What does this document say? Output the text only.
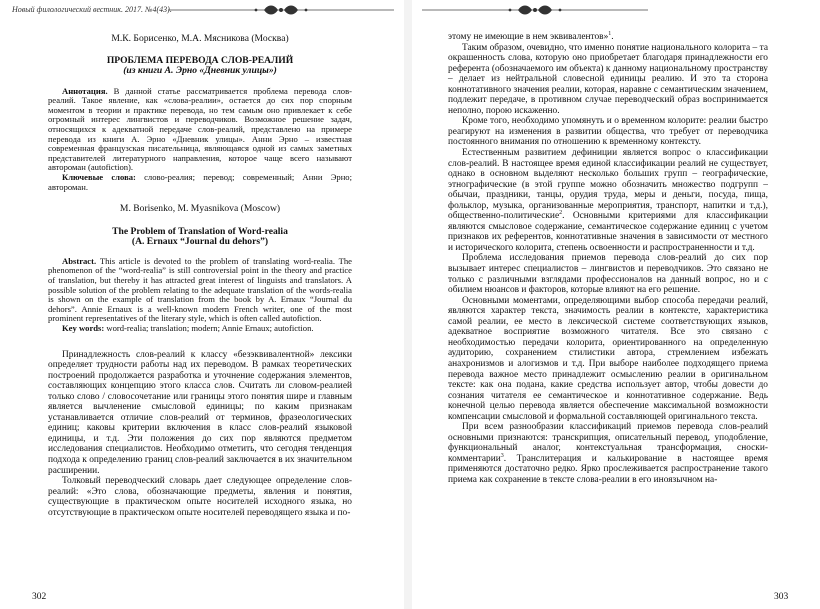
Новый филологический вестник. 2017. №4(43).

М.К. Борисенко, М.А. Мясникова (Москва)

ПРОБЛЕМА ПЕРЕВОДА СЛОВ-РЕАЛИЙ

(из книги А. Эрно «Дневник улицы»)

Аннотация. В данной статье рассматривается проблема перевода слов-реалий. Такое явление, как «слова-реалии», остается до сих пор спорным моментом в теории и практике перевода, но тем самым оно привлекает к себе огромный интерес лингвистов и переводчиков. Возможное решение задач, относящихся к адекватной передаче слов-реалий, представлено на примере перевода из книги А. Эрно «Дневник улицы». Анни Эрно – известная современная французская писательница, являющаяся одной из самых заметных представителей литературного направления, которое чаще всего называют автороман (autofiction).

Ключевые слова: слово-реалия; перевод; современный; Анни Эрно; автороман.

M. Borisenko, M. Myasnikova (Moscow)

The Problem of Translation of Word-realia

(A. Ernaux “Journal du dehors”)

Abstract. This article is devoted to the problem of translating word-realia. The phenomenon of the “word-realia” is still controversial point in the theory and practice of translation, but thereby it has attracted great interest of linguists and translators. A possible solution of the problem relating to the adequate translation of the words-realia is shown on the example of translation from the book by A. Ernaux “Journal du dehors”. Annie Ernaux is a well-known modern French writer, one of the most prominent representatives of the literary style, which is often called autofiction.

Key words: word-realia; translation; modern; Annie Ernaux; autofiction.

Принадлежность слов-реалий к классу «безэквивалентной» лексики определяет трудности работы над их переводом. В рамках теоретических построений продолжается разработка и уточнение содержания элементов, составляющих концепцию этого класса слов. Считать ли словом-реалией только слово / словосочетание или границы этого понятия шире и главным является вычленение смысловой единицы; по каким признакам устанавливается отличие слов-реалий от терминов, фразеологических единиц; каковы критерии включения в класс слов-реалий языковой единицы, и т.д. Эти положения до сих пор являются предметом исследования специалистов. Необходимо отметить, что сегодня тенденция подхода к определению границ слов-реалий заключается в их значительном расширении.

Толковый переводческий словарь дает следующее определение слов-реалий: «Это слова, обозначающие предметы, явления и понятия, существующие в практическом опыте носителей исходного языка, но отсутствующие в практическом опыте носителей переводящего языка и по-

302

этому не имеющие в нем эквивалентов»$^1$.

Таким образом, очевидно, что именно понятие национального колорита – та окрашенность слова, которую оно приобретает благодаря принадлежности его референта (обозначаемого им объекта) к данному национальному пространству – делает из нейтральной словесной единицы реалию. И это та сторона коннотативного значения реалии, которая, наравне с семантическим значением, подлежит передаче, в противном случае переводческий образ воспринимается неполно, порою искаженно.

Кроме того, необходимо упомянуть и о временном колорите: реалии быстро реагируют на изменения в развитии общества, что требует от переводчика постоянного внимания по отношению к временному контексту.

Естественным развитием дефиниции является вопрос о классификации слов-реалий. В настоящее время единой классификации реалий не существует, однако в основном выделяют несколько больших групп – географические, этнографические (в этой группе можно обозначить множество подгрупп – обычаи, праздники, танцы, орудия труда, меры и деньги, посуда, пища, фольклор, музыка, организованные мероприятия, транспорт, напитки и т.д.), общественно-политические$^2$. Основными критериями для классификации являются смысловое содержание, семантическое содержание единиц с учетом признаков их референтов, коннотативные значения в зависимости от местного и исторического колорита, степень освоенности и распространенности и т.д.

Проблема исследования приемов перевода слов-реалий до сих пор вызывает интерес специалистов – лингвистов и переводчиков. Это связано не только с различными взглядами профессионалов на данный вопрос, но и с обилием нюансов и факторов, которые влияют на его решение.

Основными моментами, определяющими выбор способа передачи реалий, являются характер текста, значимость реалии в контексте, характеристика самой реалии, ее место в лексической системе соответствующих языков, адекватное восприятие возможного читателя. Все это связано с необходимостью передачи колорита, ориентированного на определенную аудиторию, сохранением стилистики автора, стремлением избежать анахронизмов и алогизмов и т.д. При выборе наиболее подходящего приема перевода важное место принадлежит осмыслению реалии в оригинальном тексте: как она подана, какие средства использует автор, чтобы довести до сознания читателя ее семантическое и коннотативное содержание. Ведь конечной целью перевода является обеспечение максимальной возможности компенсации смысловой и формальной составляющей оригинального текста.

При всем разнообразии классификаций приемов перевода слов-реалий основными признаются: транскрипция, описательный перевод, уподобление, функциональный аналог, контекстуальная трансформация, сноски-комментарии$^3$. Транслитерация и калькирование в настоящее время применяются достаточно редко. Ярко прослеживается распространение такого приема как сохранение в тексте слова-реалии в его иноязычном на-

303
